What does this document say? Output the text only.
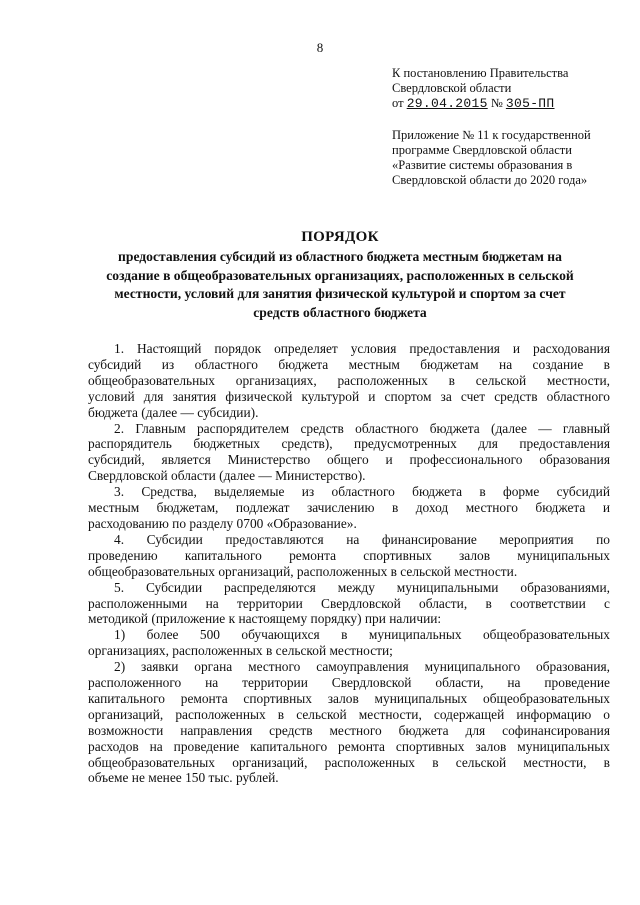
8
К постановлению Правительства
Свердловской области
от 29.04.2015 № 305-ПП
Приложение № 11 к государственной
программе Свердловской области
«Развитие системы образования в
Свердловской области до 2020 года»
ПОРЯДОК
предоставления субсидий из областного бюджета местным бюджетам на
создание в общеобразовательных организациях, расположенных в сельской
местности, условий для занятия физической культурой и спортом за счет
средств областного бюджета
1. Настоящий порядок определяет условия предоставления и расходования
субсидий из областного бюджета местным бюджетам на создание в
общеобразовательных организациях, расположенных в сельской местности,
условий для занятия физической культурой и спортом за счет средств областного
бюджета (далее — субсидии).
2. Главным распорядителем средств областного бюджета (далее — главный
распорядитель бюджетных средств), предусмотренных для предоставления
субсидий, является Министерство общего и профессионального образования
Свердловской области (далее — Министерство).
3. Средства, выделяемые из областного бюджета в форме субсидий
местным бюджетам, подлежат зачислению в доход местного бюджета и
расходованию по разделу 0700 «Образование».
4. Субсидии предоставляются на финансирование мероприятия по
проведению капитального ремонта спортивных залов муниципальных
общеобразовательных организаций, расположенных в сельской местности.
5. Субсидии распределяются между муниципальными образованиями,
расположенными на территории Свердловской области, в соответствии с
методикой (приложение к настоящему порядку) при наличии:
1) более 500 обучающихся в муниципальных общеобразовательных
организациях, расположенных в сельской местности;
2) заявки органа местного самоуправления муниципального образования,
расположенного на территории Свердловской области, на проведение
капитального ремонта спортивных залов муниципальных общеобразовательных
организаций, расположенных в сельской местности, содержащей информацию о
возможности направления средств местного бюджета для софинансирования
расходов на проведение капитального ремонта спортивных залов муниципальных
общеобразовательных организаций, расположенных в сельской местности, в
объеме не менее 150 тыс. рублей.
